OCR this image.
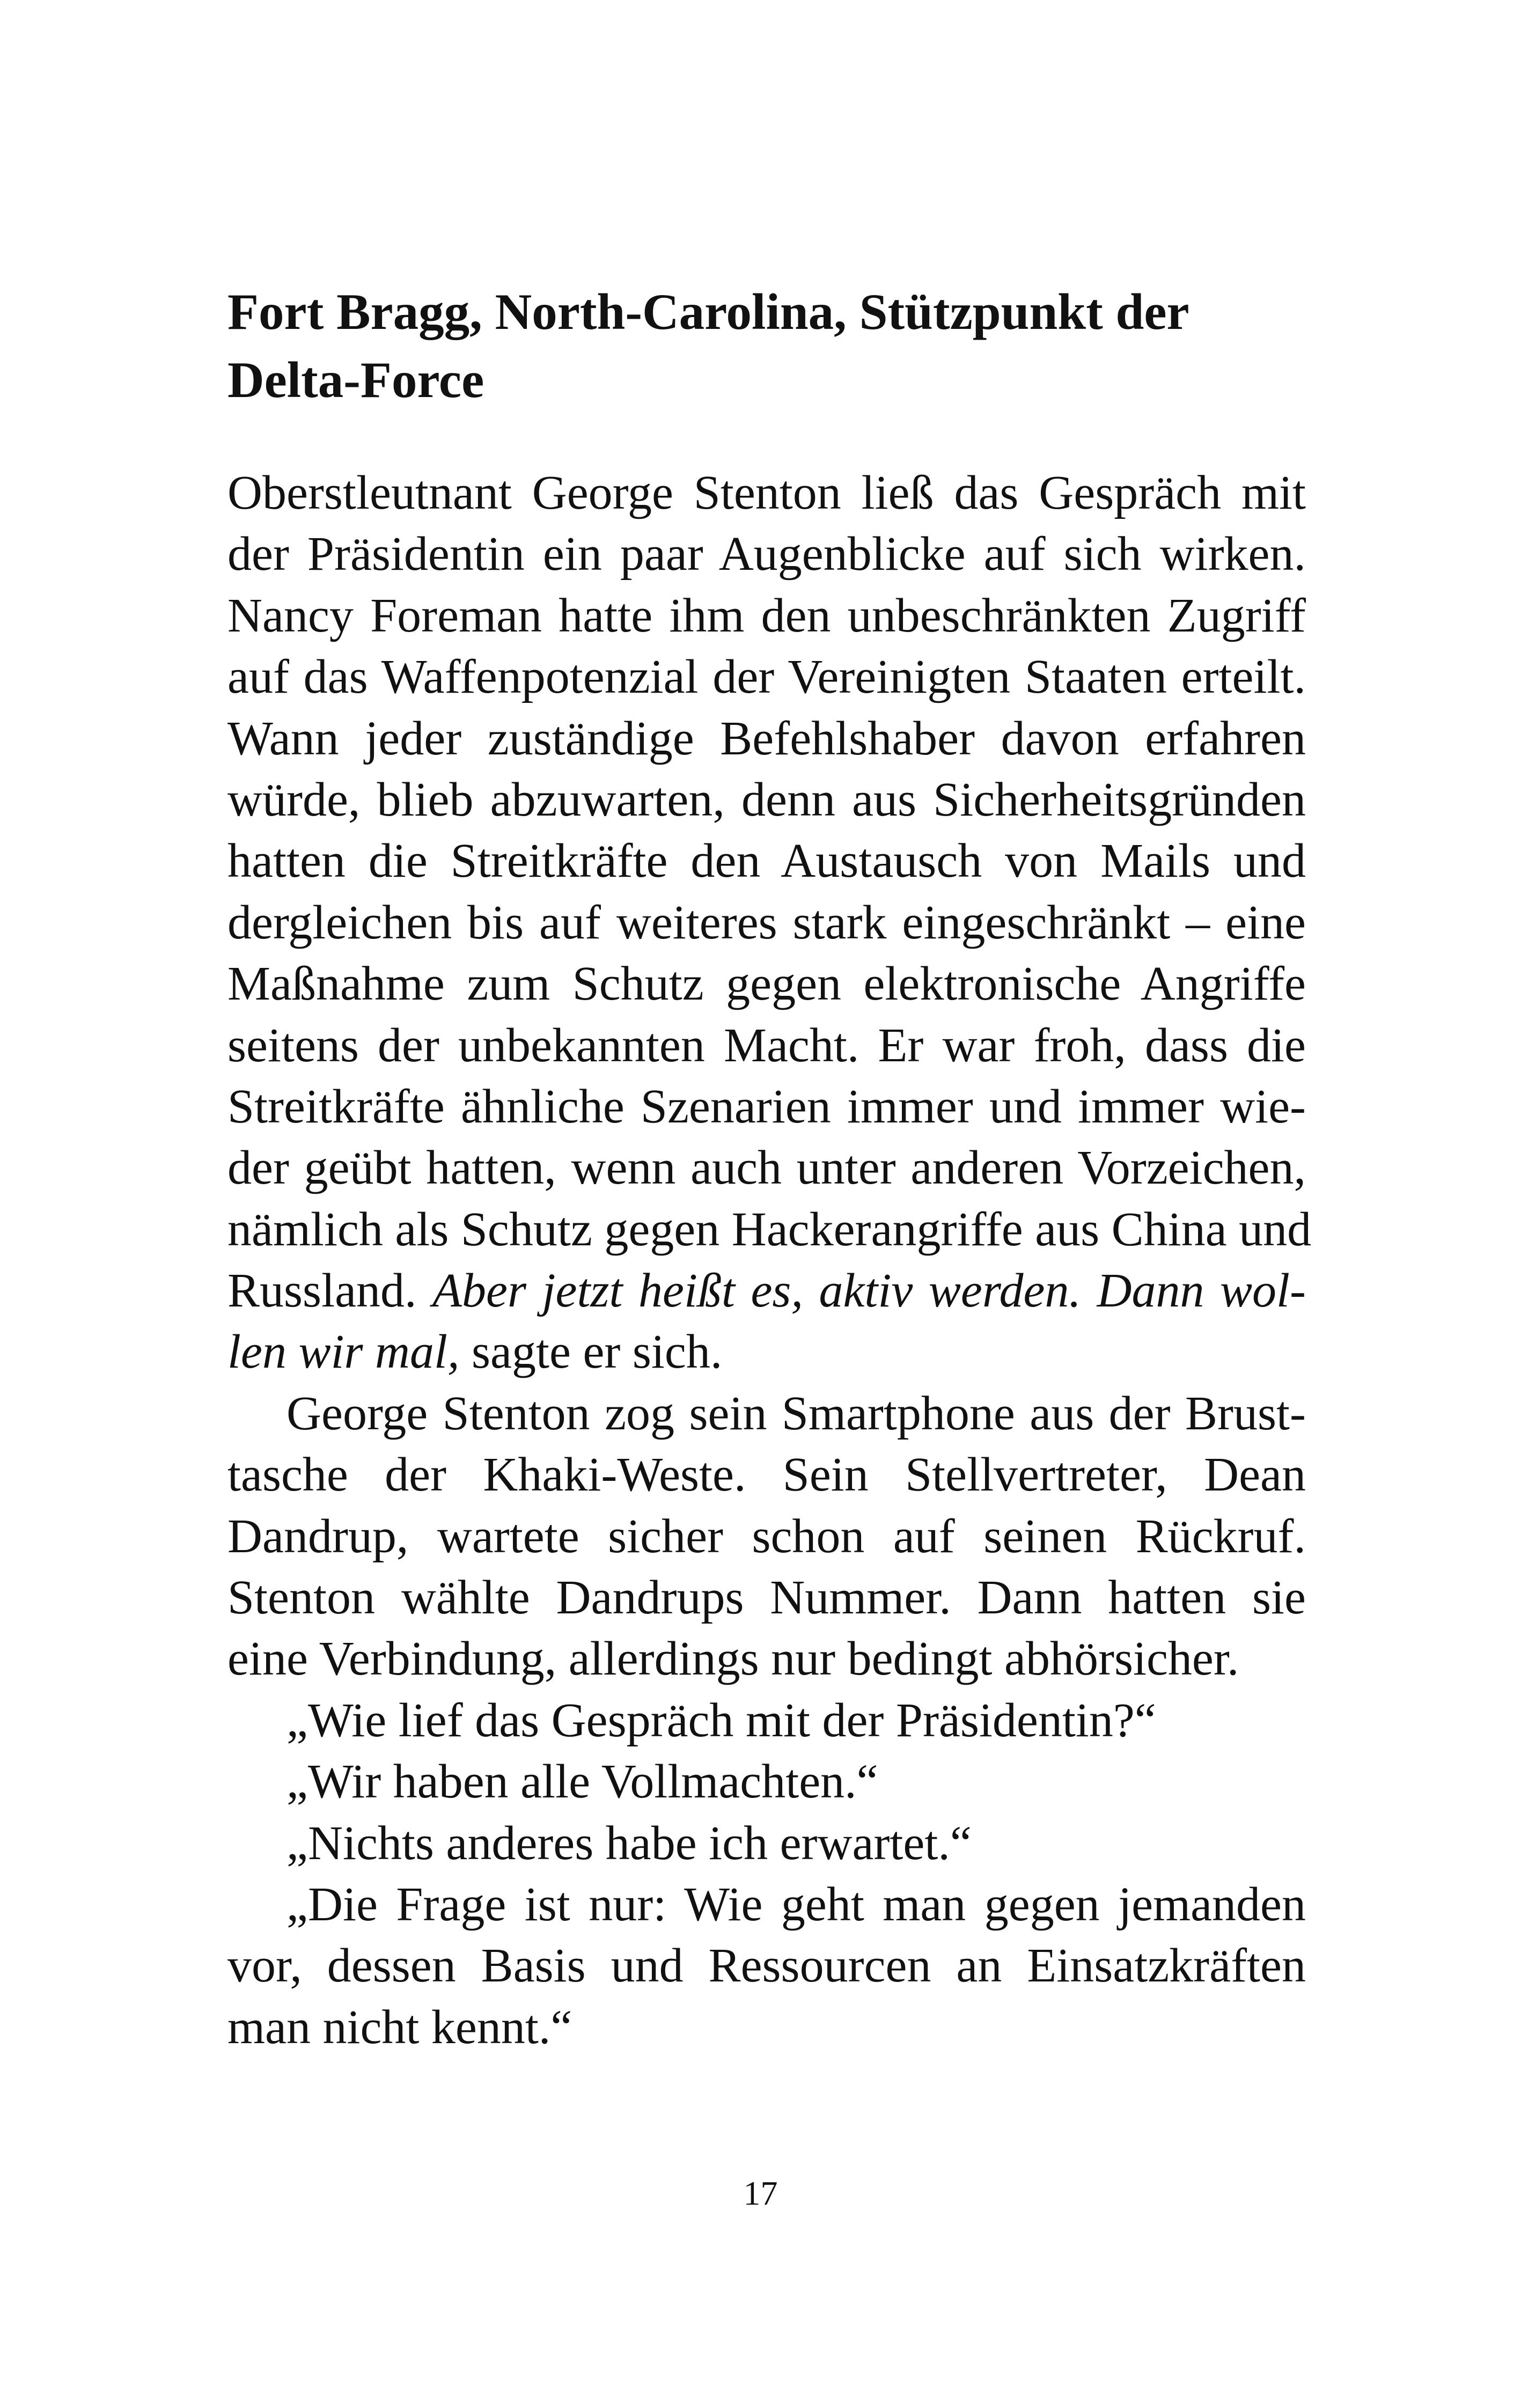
Fort Bragg, North-Carolina, Stützpunkt der
Delta-Force
Oberstleutnant George Stenton ließ das Gespräch mit
der Präsidentin ein paar Augenblicke auf sich wirken.
Nancy Foreman hatte ihm den unbeschränkten Zugriff
auf das Waffenpotenzial der Vereinigten Staaten erteilt.
Wann jeder zuständige Befehlshaber davon erfahren
würde, blieb abzuwarten, denn aus Sicherheitsgründen
hatten die Streitkräfte den Austausch von Mails und
dergleichen bis auf weiteres stark eingeschränkt – eine
Maßnahme zum Schutz gegen elektronische Angriffe
seitens der unbekannten Macht. Er war froh, dass die
Streitkräfte ähnliche Szenarien immer und immer wie-
der geübt hatten, wenn auch unter anderen Vorzeichen,
nämlich als Schutz gegen Hackerangriffe aus China und
Russland. Aber jetzt heißt es, aktiv werden. Dann wol-
len wir mal, sagte er sich.
George Stenton zog sein Smartphone aus der Brust-
tasche der Khaki-Weste. Sein Stellvertreter, Dean
Dandrup, wartete sicher schon auf seinen Rückruf.
Stenton wählte Dandrups Nummer. Dann hatten sie
eine Verbindung, allerdings nur bedingt abhörsicher.
„Wie lief das Gespräch mit der Präsidentin?“
„Wir haben alle Vollmachten.“
„Nichts anderes habe ich erwartet.“
„Die Frage ist nur: Wie geht man gegen jemanden
vor, dessen Basis und Ressourcen an Einsatzkräften
man nicht kennt.“
17
